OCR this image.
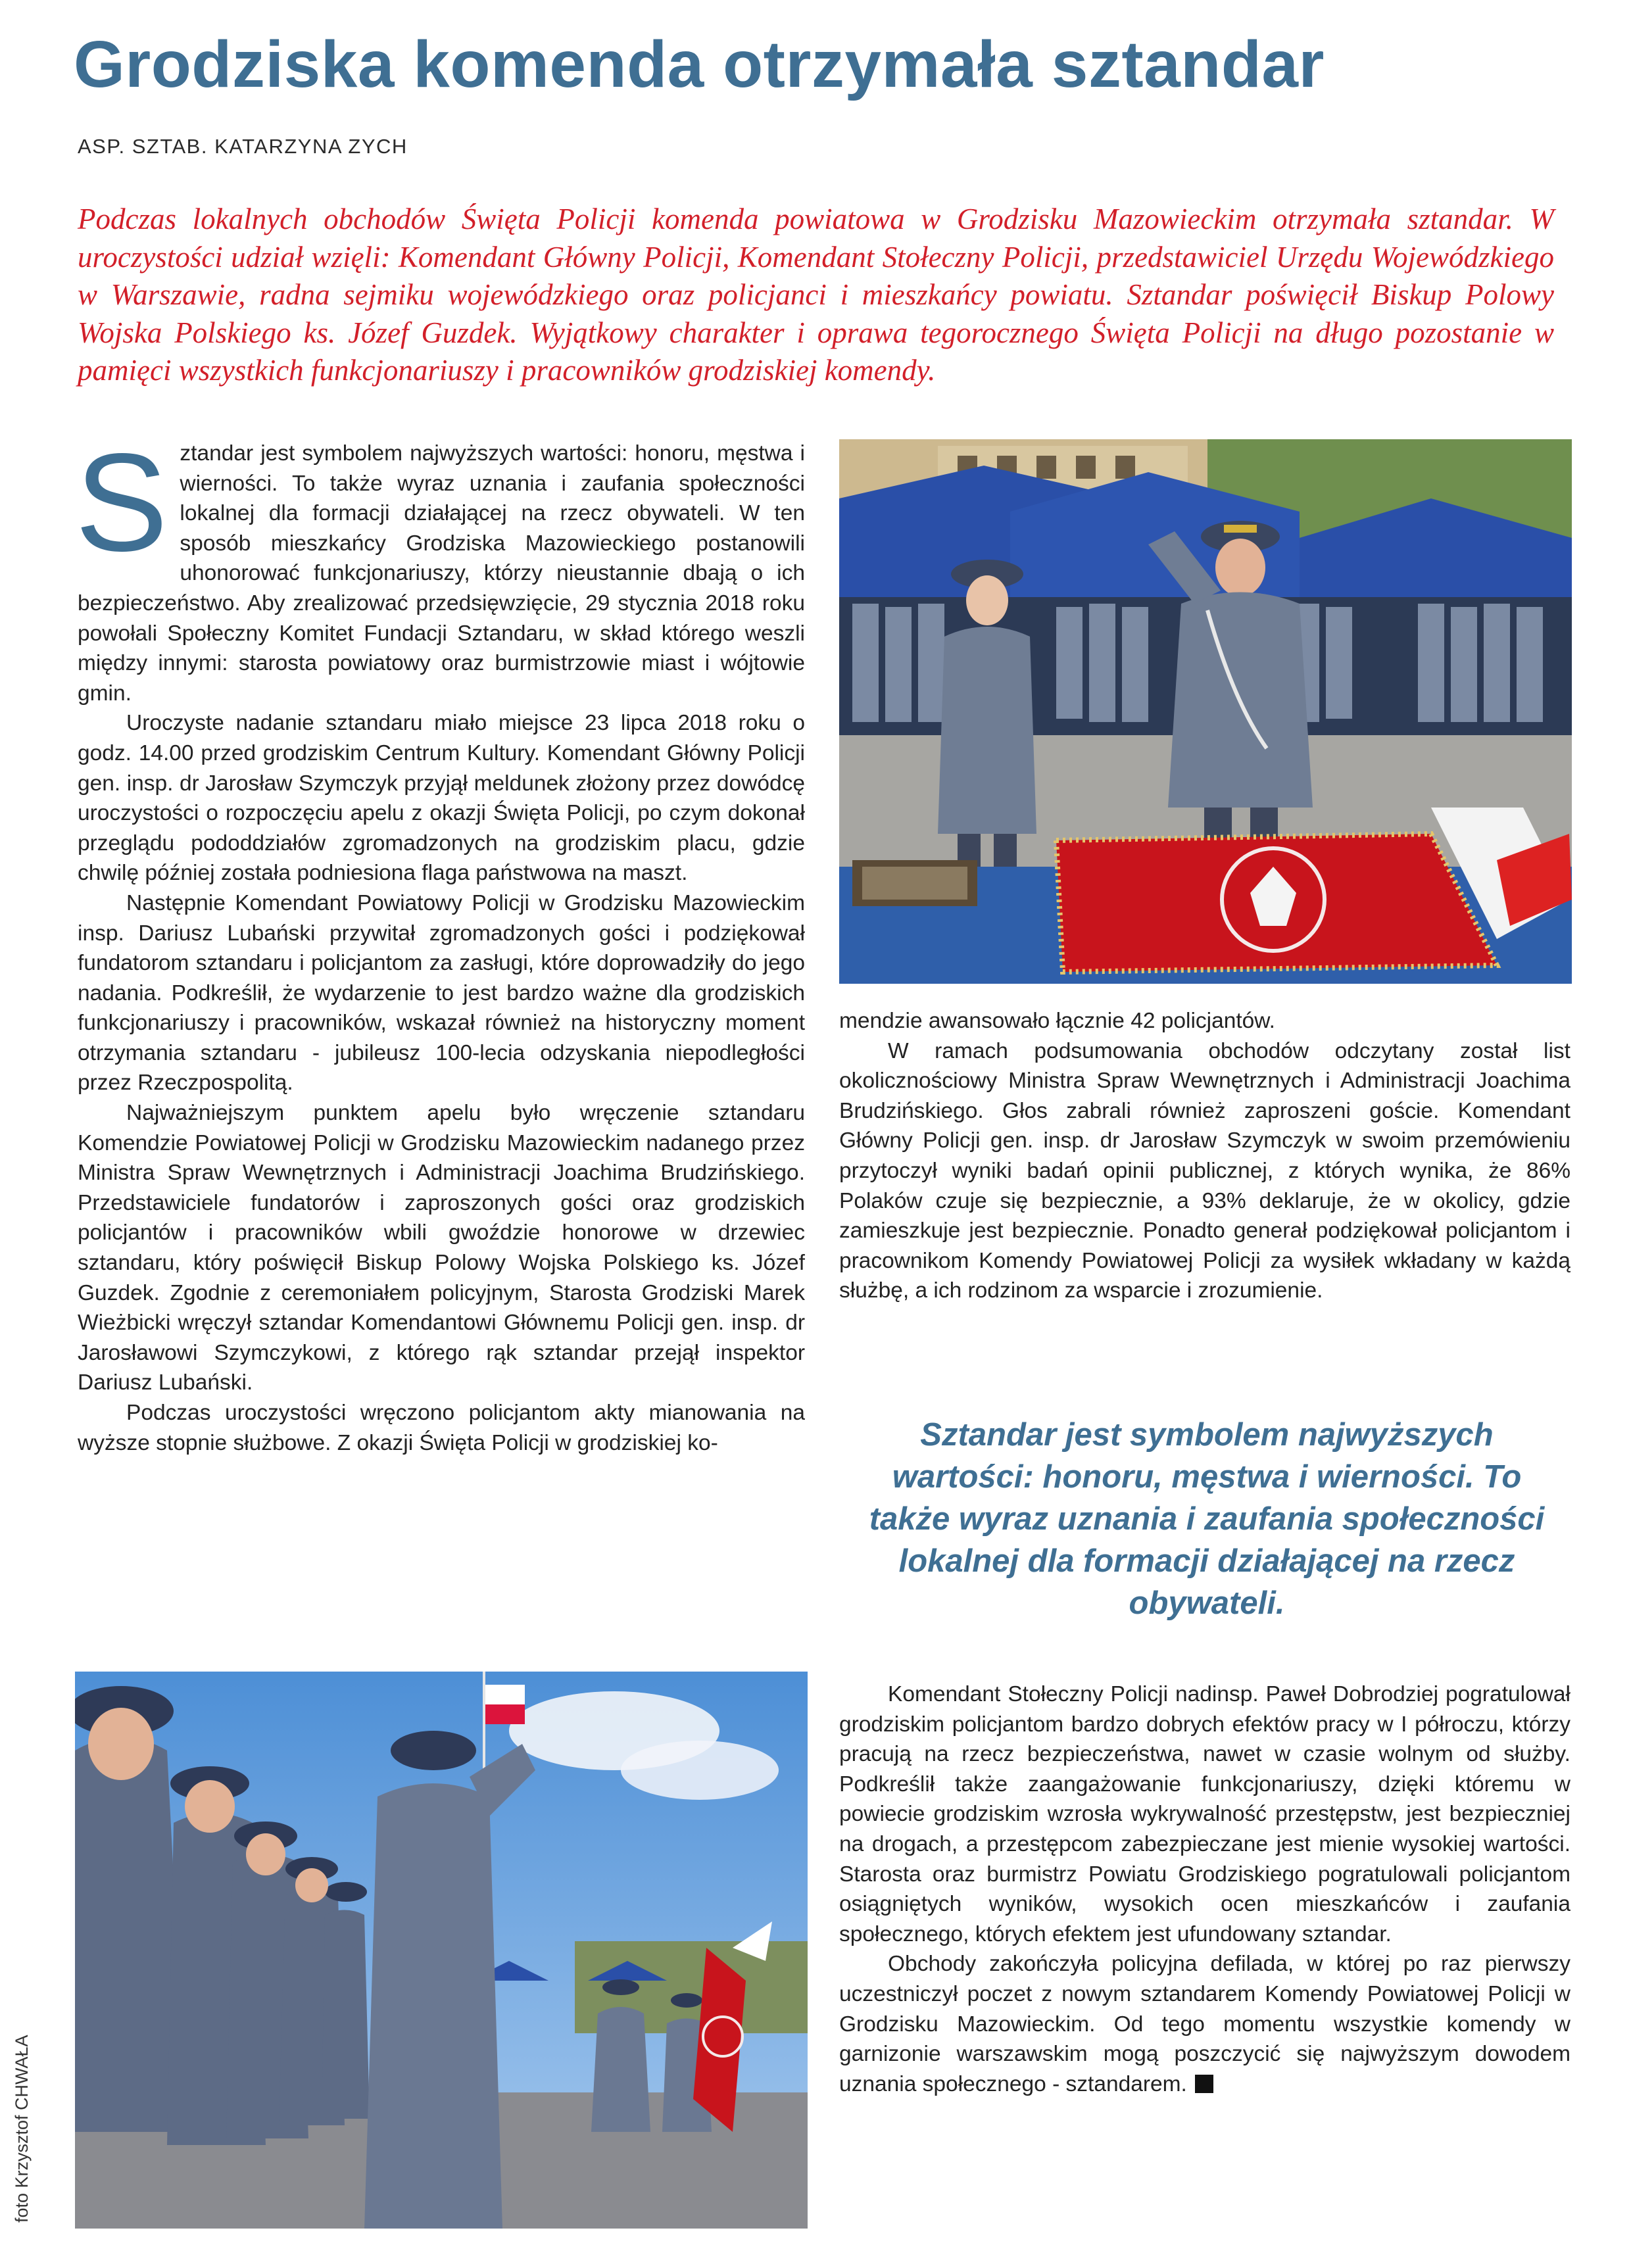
Grodziska komenda otrzymała sztandar
ASP. SZTAB. KATARZYNA ZYCH

Podczas lokalnych obchodów Święta Policji komenda powiatowa w Grodzisku Mazowieckim otrzymała sztandar. W uroczystości udział wzięli: Komendant Główny Policji, Komendant Stołeczny Policji, przedstawiciel Urzędu Wojewódzkiego w Warszawie, radna sejmiku wojewódzkiego oraz policjanci i mieszkańcy powiatu. Sztandar poświęcił Biskup Polowy Wojska Polskiego ks. Józef Guzdek. Wyjątkowy charakter i oprawa tegorocznego Święta Policji na długo pozostanie w pamięci wszystkich funkcjonariuszy i pracowników grodziskiej komendy.

Sztandar jest symbolem najwyższych wartości: honoru, męstwa i wierności. To także wyraz uznania i zaufania społeczności lokalnej dla formacji działającej na rzecz obywateli. W ten sposób mieszkańcy Grodziska Mazowieckiego postanowili uhonorować funkcjonariuszy, którzy nieustannie dbają o ich bezpieczeństwo. Aby zrealizować przedsięwzięcie, 29 stycznia 2018 roku powołali Społeczny Komitet Fundacji Sztandaru, w skład którego weszli między innymi: starosta powiatowy oraz burmistrzowie miast i wójtowie gmin.

Uroczyste nadanie sztandaru miało miejsce 23 lipca 2018 roku o godz. 14.00 przed grodziskim Centrum Kultury. Komendant Główny Policji gen. insp. dr Jarosław Szymczyk przyjął meldunek złożony przez dowódcę uroczystości o rozpoczęciu apelu z okazji Święta Policji, po czym dokonał przeglądu pododdziałów zgromadzonych na grodziskim placu, gdzie chwilę później została podniesiona flaga państwowa na maszt.

Następnie Komendant Powiatowy Policji w Grodzisku Mazowieckim insp. Dariusz Lubański przywitał zgromadzonych gości i podziękował fundatorom sztandaru i policjantom za zasługi, które doprowadziły do jego nadania. Podkreślił, że wydarzenie to jest bardzo ważne dla grodziskich funkcjonariuszy i pracowników, wskazał również na historyczny moment otrzymania sztandaru - jubileusz 100-lecia odzyskania niepodległości przez Rzeczpospolitą.

Najważniejszym punktem apelu było wręczenie sztandaru Komendzie Powiatowej Policji w Grodzisku Mazowieckim nadanego przez Ministra Spraw Wewnętrznych i Administracji Joachima Brudzińskiego. Przedstawiciele fundatorów i zaproszonych gości oraz grodziskich policjantów i pracowników wbili gwoździe honorowe w drzewiec sztandaru, który poświęcił Biskup Polowy Wojska Polskiego ks. Józef Guzdek. Zgodnie z ceremoniałem policyjnym, Starosta Grodziski Marek Wieżbicki wręczył sztandar Komendantowi Głównemu Policji gen. insp. dr Jarosławowi Szymczykowi, z którego rąk sztandar przejął inspektor Dariusz Lubański.

Podczas uroczystości wręczono policjantom akty mianowania na wyższe stopnie służbowe. Z okazji Święta Policji w grodziskiej ko-

mendzie awansowało łącznie 42 policjantów.

W ramach podsumowania obchodów odczytany został list okolicznościowy Ministra Spraw Wewnętrznych i Administracji Joachima Brudzińskiego. Głos zabrali również zaproszeni goście. Komendant Główny Policji gen. insp. dr Jarosław Szymczyk w swoim przemówieniu przytoczył wyniki badań opinii publicznej, z których wynika, że 86% Polaków czuje się bezpiecznie, a 93% deklaruje, że w okolicy, gdzie zamieszkuje jest bezpiecznie. Ponadto generał podziękował policjantom i pracownikom Komendy Powiatowej Policji za wysiłek wkładany w każdą służbę, a ich rodzinom za wsparcie i zrozumienie.

Sztandar jest symbolem najwyższych wartości: honoru, męstwa i wierności. To także wyraz uznania i zaufania społeczności lokalnej dla formacji działającej na rzecz obywateli.

Komendant Stołeczny Policji nadinsp. Paweł Dobrodziej pogratulował grodziskim policjantom bardzo dobrych efektów pracy w I półroczu, którzy pracują na rzecz bezpieczeństwa, nawet w czasie wolnym od służby. Podkreślił także zaangażowanie funkcjonariuszy, dzięki któremu w powiecie grodziskim wzrosła wykrywalność przestępstw, jest bezpieczniej na drogach, a przestępcom zabezpieczane jest mienie wysokiej wartości. Starosta oraz burmistrz Powiatu Grodziskiego pogratulowali policjantom osiągniętych wyników, wysokich ocen mieszkańców i zaufania społecznego, których efektem jest ufundowany sztandar.

Obchody zakończyła policyjna defilada, w której po raz pierwszy uczestniczył poczet z nowym sztandarem Komendy Powiatowej Policji w Grodzisku Mazowieckim. Od tego momentu wszystkie komendy w garnizonie warszawskim mogą poszczycić się najwyższym dowodem uznania społecznego - sztandarem.

foto Krzysztof CHWAŁA
